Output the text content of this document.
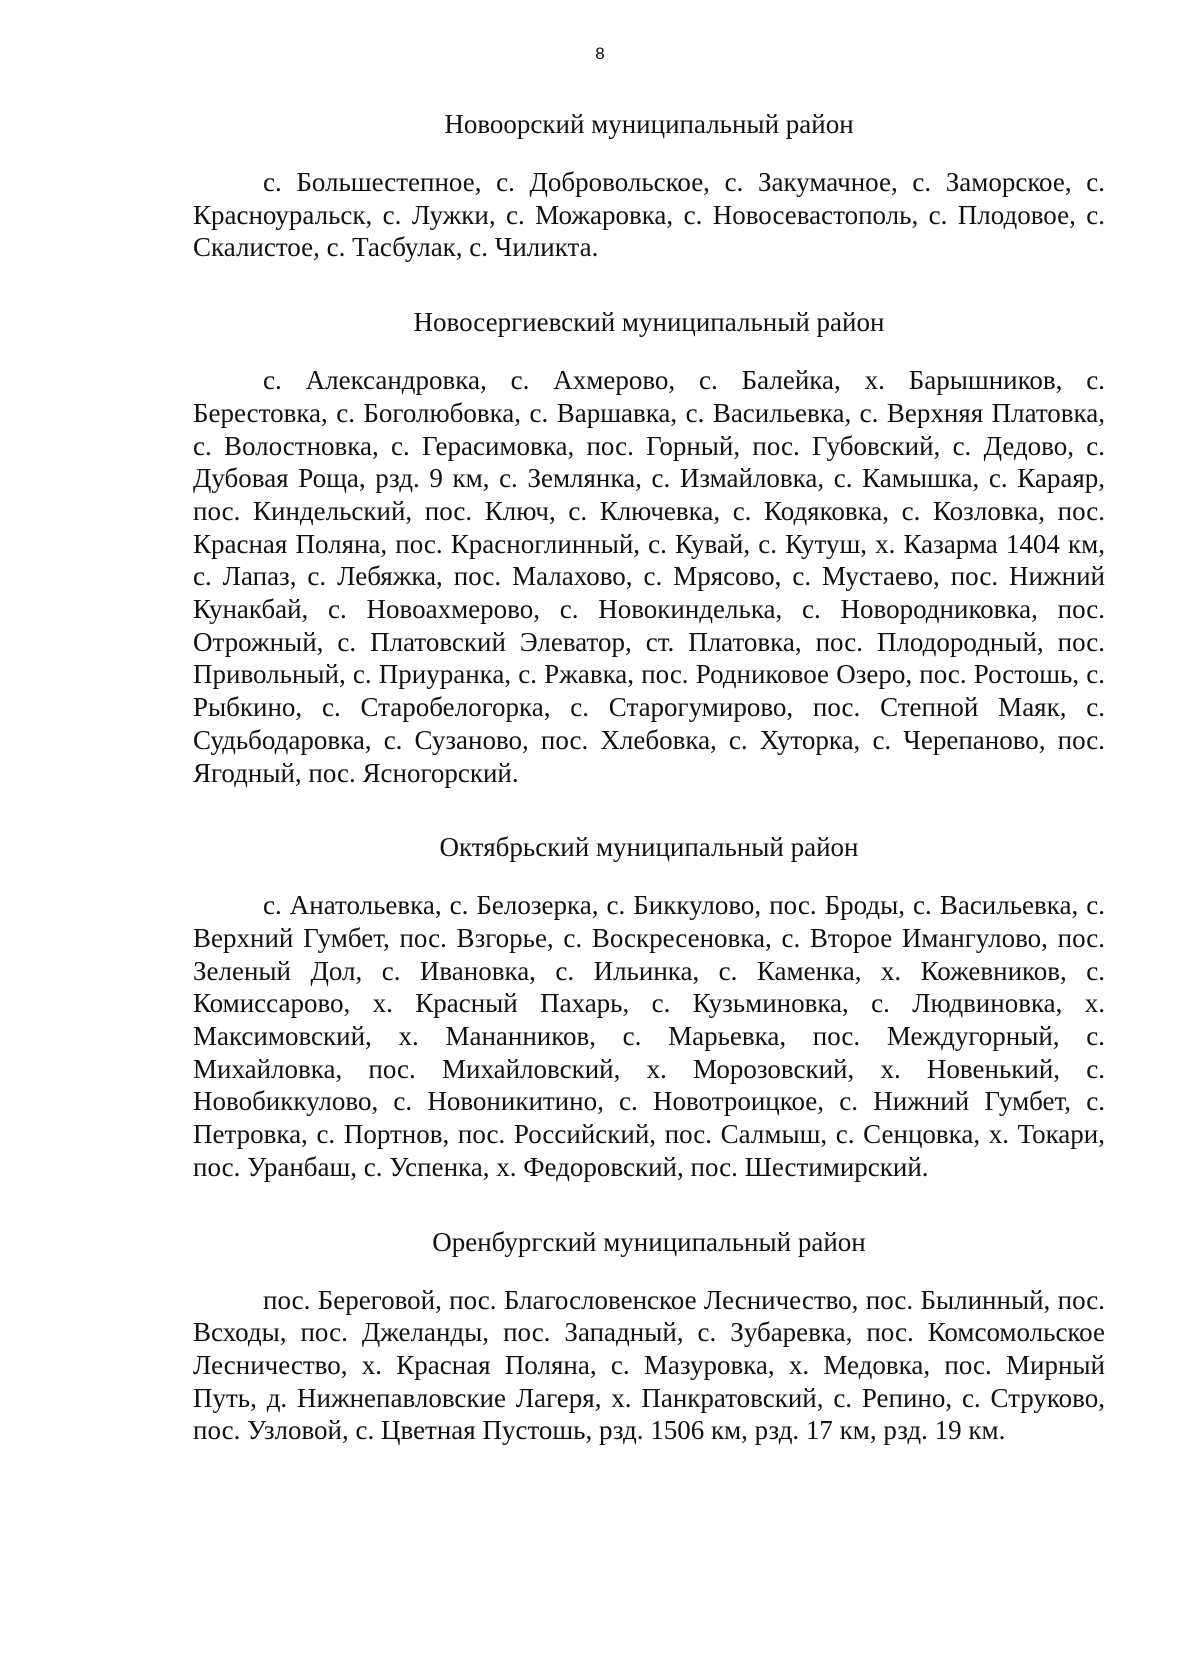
8
Новоорский муниципальный район

с. Большестепное, с. Добровольское, с. Закумачное, с. Заморское, с. Красноуральск, с. Лужки, с. Можаровка, с. Новосевастополь, с. Плодовое, с. Скалистое, с. Тасбулак, с. Чиликта.

Новосергиевский муниципальный район

с. Александровка, с. Ахмерово, с. Балейка, х. Барышников, с. Берестовка, с. Боголюбовка, с. Варшавка, с. Васильевка, с. Верхняя Платовка, с. Волостновка, с. Герасимовка, пос. Горный, пос. Губовский, с. Дедово, с. Дубовая Роща, рзд. 9 км, с. Землянка, с. Измайловка, с. Камышка, с. Караяр, пос. Киндельский, пос. Ключ, с. Ключевка, с. Кодяковка, с. Козловка, пос. Красная Поляна, пос. Красноглинный, с. Кувай, с. Кутуш, х. Казарма 1404 км, с. Лапаз, с. Лебяжка, пос. Малахово, с. Мрясово, с. Мустаево, пос. Нижний Кунакбай, с. Новоахмерово, с. Новокинделька, с. Новородниковка, пос. Отрожный, с. Платовский Элеватор, ст. Платовка, пос. Плодородный, пос. Привольный, с. Приуранка, с. Ржавка, пос. Родниковое Озеро, пос. Ростошь, с. Рыбкино, с. Старобелогорка, с. Старогумирово, пос. Степной Маяк, с. Судьбодаровка, с. Сузаново, пос. Хлебовка, с. Хуторка, с. Черепаново, пос. Ягодный, пос. Ясногорский.

Октябрьский муниципальный район

с. Анатольевка, с. Белозерка, с. Биккулово, пос. Броды, с. Васильевка, с. Верхний Гумбет, пос. Взгорье, с. Воскресеновка, с. Второе Имангулово, пос. Зеленый Дол, с. Ивановка, с. Ильинка, с. Каменка, х. Кожевников, с. Комиссарово, х. Красный Пахарь, с. Кузьминовка, с. Людвиновка, х. Максимовский, х. Мананников, с. Марьевка, пос. Междугорный, с. Михайловка, пос. Михайловский, х. Морозовский, х. Новенький, с. Новобиккулово, с. Новоникитино, с. Новотроицкое, с. Нижний Гумбет, с. Петровка, с. Портнов, пос. Российский, пос. Салмыш, с. Сенцовка, х. Токари, пос. Уранбаш, с. Успенка, х. Федоровский, пос. Шестимирский.

Оренбургский муниципальный район

пос. Береговой, пос. Благословенское Лесничество, пос. Былинный, пос. Всходы, пос. Джеланды, пос. Западный, с. Зубаревка, пос. Комсомольское Лесничество, х. Красная Поляна, с. Мазуровка, х. Медовка, пос. Мирный Путь, д. Нижнепавловские Лагеря, х. Панкратовский, с. Репино, с. Струково, пос. Узловой, с. Цветная Пустошь, рзд. 1506 км, рзд. 17 км, рзд. 19 км.
